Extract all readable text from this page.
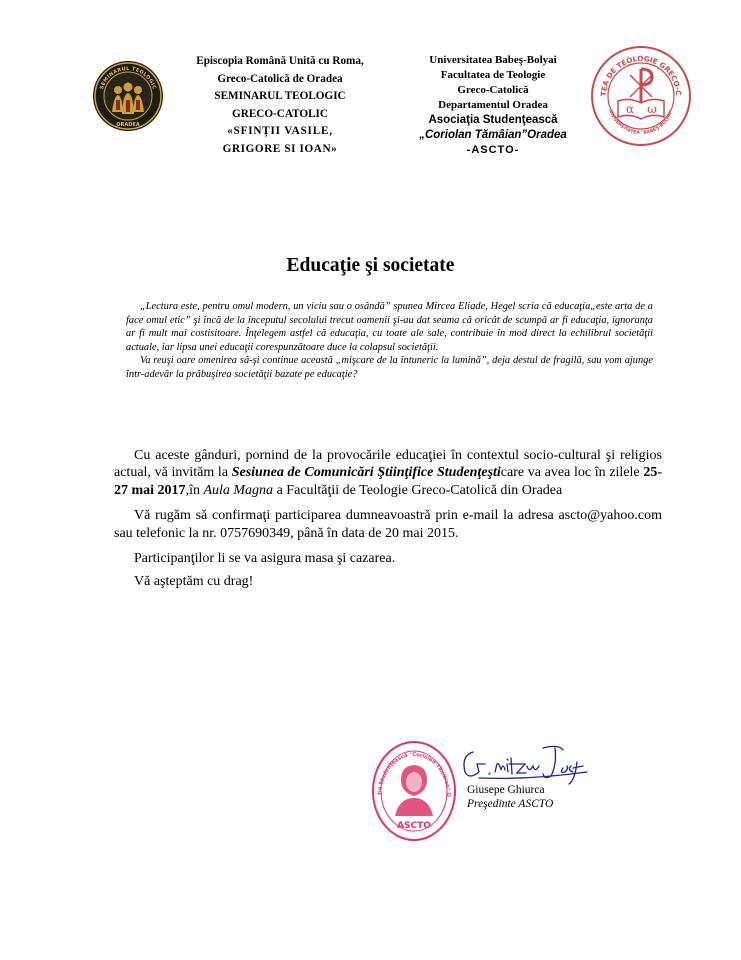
SEMINARUL TEOLOGIC
ORADEA
Episcopia Română Unită cu Roma,
Greco-Catolică de Oradea
SEMINARUL TEOLOGIC
GRECO-CATOLIC
«SFINŢII VASILE,
GRIGORE SI IOAN»
Universitatea Babeş-Bolyai
Facultatea de Teologie
Greco-Catolică
Departamentul Oradea
Asociaţia Studenţească
„Coriolan Tămâian”Oradea
-ASCTO-
TEA DE TEOLOGIE GRECO-C
UNIVERSITATEA "BABEŞ-BOLYAI"
α ω
Educaţie şi societate

„Lectura este, pentru omul modern, un viciu sau o osândă” spunea Mircea Eliade, Hegel scria că educaţia„este arta de a face omul etic” şi încă de la începutul secolului trecut oamenii şi-au dat seama că oricât de scumpă ar fi educaţia, ignoranţa ar fi mult mai costisitoare. Înţelegem astfel că educaţia, cu toate ale sale, contribuie în mod direct la echilibrul societăţii actuale, iar lipsa unei educaţii corespunzătoare duce la colapsul societăţii.

Va reuşi oare omenirea să-şi continue această „mişcare de la întuneric la lumină”, deja destul de fragilă, sau vom ajunge într-adevăr la prăbuşirea societăţii bazate pe educaţie?

Cu aceste gânduri, pornind de la provocările educaţiei în contextul socio-cultural şi religios actual, vă invităm la Sesiunea de Comunicări Ştiinţifice Studenţeşticare va avea loc în zilele 25-27 mai 2017,în Aula Magna a Facultăţii de Teologie Greco-Catolică din Oradea

Vă rugăm să confirmaţi participarea dumneavoastră prin e-mail la adresa ascto@yahoo.com sau telefonic la nr. 0757690349, până în data de 20 mai 2015.

Participanţilor li se va asigura masa şi cazarea.

Vă aşteptăm cu drag!

ţia Studenţească "Coriolan Tămâian" O
ASCTO
Giusepe Ghiurca
Preşedinte ASCTO
